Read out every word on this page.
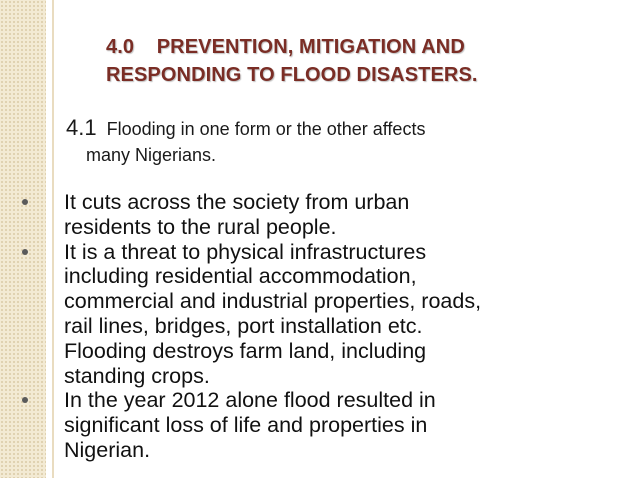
4.0    PREVENTION, MITIGATION AND
RESPONDING TO FLOOD DISASTERS.
4.1  Flooding in one form or the other affects
many Nigerians.
It cuts across the society from urban
residents to the rural people.
It is a threat to physical infrastructures
including residential accommodation,
commercial and industrial properties, roads,
rail lines, bridges, port installation etc.
Flooding destroys farm land, including
standing crops.
In the year 2012 alone flood resulted in
significant loss of life and properties in
Nigerian.
